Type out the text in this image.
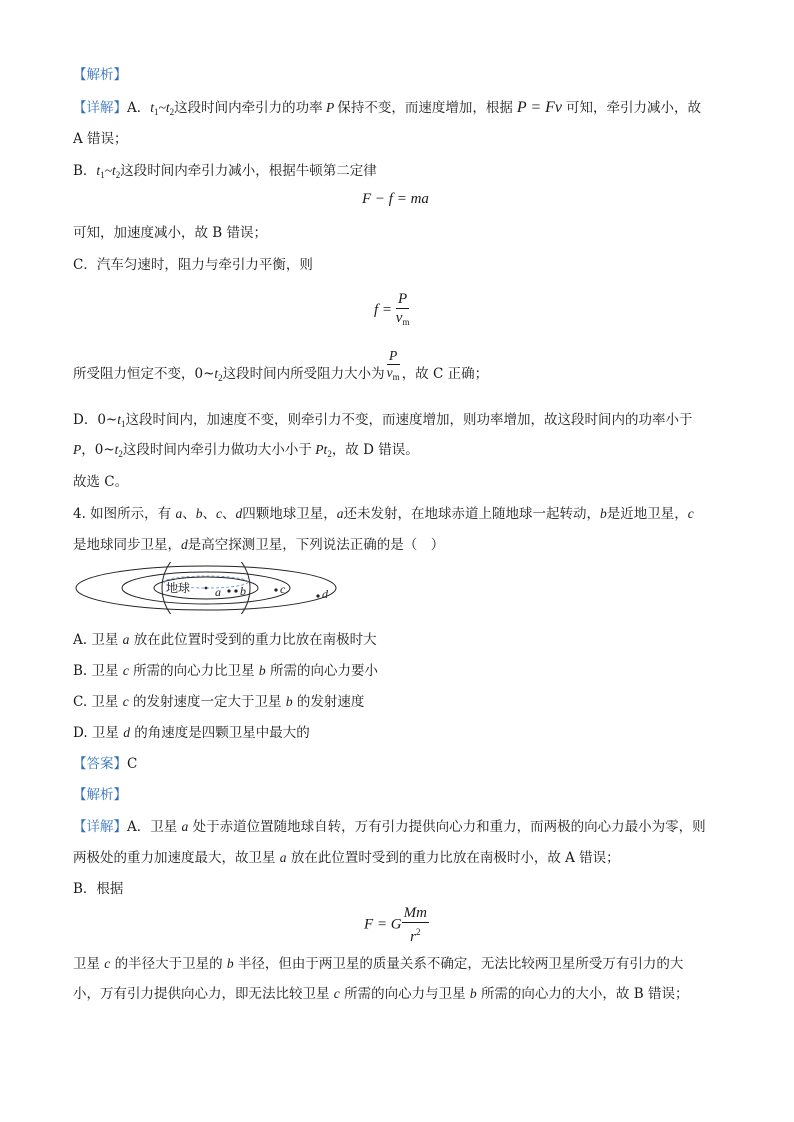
【解析】
【详解】A．$t_1\sim t_2$这段时间内牵引力的功率 P 保持不变，而速度增加，根据 P = Fv 可知，牵引力减小，故
A 错误；
B．$t_1\sim t_2$这段时间内牵引力减小，根据牛顿第二定律
F − f = ma
可知，加速度减小，故 B 错误；
C．汽车匀速时，阻力与牵引力平衡，则
$f = \frac{P}{v_m}$
所受阻力恒定不变，$0\sim t_2$这段时间内所受阻力大小为 $\frac{P}{v_m}$ ，故 C 正确；
D．$0\sim t_1$这段时间内，加速度不变，则牵引力不变，而速度增加，则功率增加，故这段时间内的功率小于
P，$0\sim t_2$这段时间内牵引力做功大小小于 $Pt_2$，故 D 错误。
故选 C。
4. 如图所示，有 a、b、c、d四颗地球卫星，a还未发射，在地球赤道上随地球一起转动，b是近地卫星，c
是地球同步卫星，d是高空探测卫星，下列说法正确的是（　）
地球 a b	c	d
A. 卫星 a 放在此位置时受到的重力比放在南极时大
B. 卫星 c 所需的向心力比卫星 b 所需的向心力要小
C. 卫星 c 的发射速度一定大于卫星 b 的发射速度
D. 卫星 d 的角速度是四颗卫星中最大的
【答案】C
【解析】
【详解】A．卫星 a 处于赤道位置随地球自转，万有引力提供向心力和重力，而两极的向心力最小为零，则
两极处的重力加速度最大，故卫星 a 放在此位置时受到的重力比放在南极时小，故 A 错误；
B．根据
F = G $\frac{Mm}{r^2}$
卫星 c 的半径大于卫星的 b 半径，但由于两卫星的质量关系不确定，无法比较两卫星所受万有引力的大
小，万有引力提供向心力，即无法比较卫星 c 所需的向心力与卫星 b 所需的向心力的大小，故 B 错误；
